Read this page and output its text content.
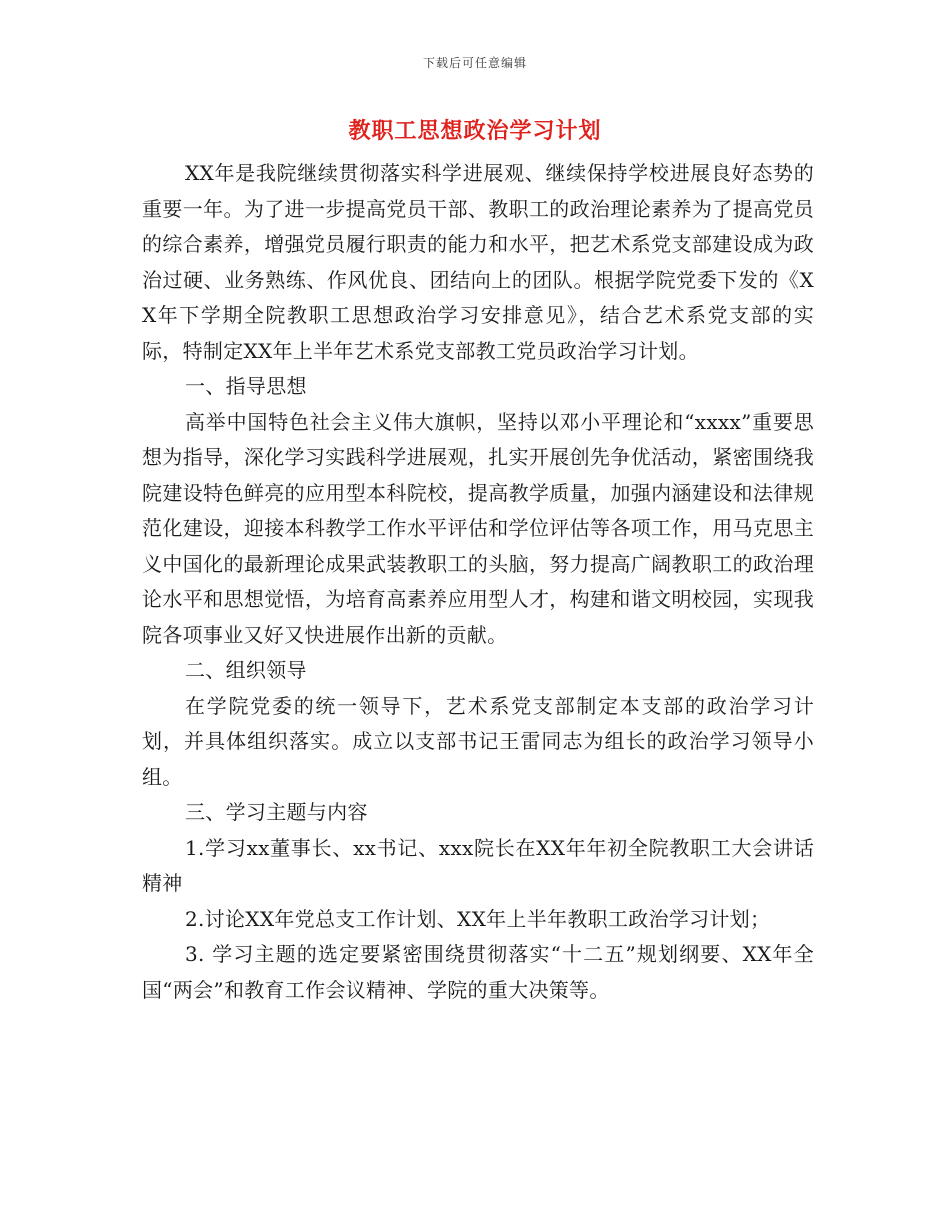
下载后可任意编辑
教职工思想政治学习计划

XX年是我院继续贯彻落实科学进展观、继续保持学校进展良好态势的重要一年。为了进一步提高党员干部、教职工的政治理论素养为了提高党员的综合素养，增强党员履行职责的能力和水平，把艺术系党支部建设成为政治过硬、业务熟练、作风优良、团结向上的团队。根据学院党委下发的《XX年下学期全院教职工思想政治学习安排意见》，结合艺术系党支部的实际，特制定XX年上半年艺术系党支部教工党员政治学习计划。

一、指导思想

高举中国特色社会主义伟大旗帜，坚持以邓小平理论和“xxxx”重要思想为指导，深化学习实践科学进展观，扎实开展创先争优活动，紧密围绕我院建设特色鲜亮的应用型本科院校，提高教学质量，加强内涵建设和法律规范化建设，迎接本科教学工作水平评估和学位评估等各项工作，用马克思主义中国化的最新理论成果武装教职工的头脑，努力提高广阔教职工的政治理论水平和思想觉悟，为培育高素养应用型人才，构建和谐文明校园，实现我院各项事业又好又快进展作出新的贡献。

二、组织领导

在学院党委的统一领导下，艺术系党支部制定本支部的政治学习计划，并具体组织落实。成立以支部书记王雷同志为组长的政治学习领导小组。

三、学习主题与内容

1.学习xx董事长、xx书记、xxx院长在XX年年初全院教职工大会讲话精神

2.讨论XX年党总支工作计划、XX年上半年教职工政治学习计划；

3. 学习主题的选定要紧密围绕贯彻落实“十二五”规划纲要、XX年全国“两会”和教育工作会议精神、学院的重大决策等。
